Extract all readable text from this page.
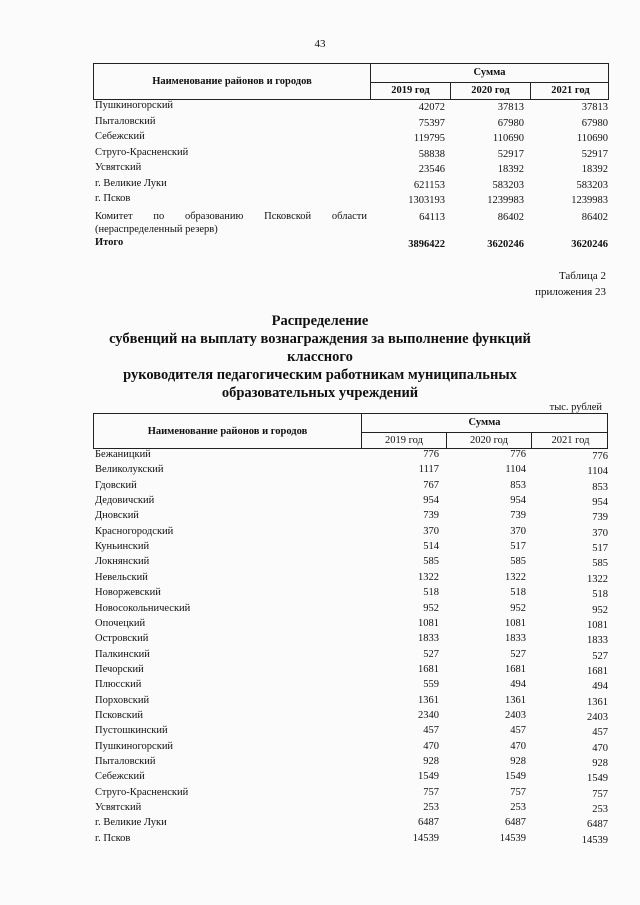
43
Наименование районов и городов
Сумма
2019 год	2020 год	2021 год
Пушкиногорский	42072	37813	37813
Пыталовский	75397	67980	67980
Себежский	119795	110690	110690
Струго-Красненский	58838	52917	52917
Усвятский	23546	18392	18392
г. Великие Луки	621153	583203	583203
г. Псков	1303193	1239983	1239983
Комитет по образованию Псковской области
(нераспределенный резерв)
64113	86402	86402
Итого	3896422	3620246	3620246
Таблица 2
приложения 23
Распределение
субвенций на выплату вознаграждения за выполнение функций классного
руководителя педагогическим работникам муниципальных
образовательных учреждений
тыс. рублей
Наименование районов и городов
Сумма
2019 год	2020 год	2021 год
Бежаницкий	776	776	776
Великолукский	1117	1104	1104
Гдовский	767	853	853
Дедовичский	954	954	954
Дновский	739	739	739
Красногородский	370	370	370
Куньинский	514	517	517
Локнянский	585	585	585
Невельский	1322	1322	1322
Новоржевский	518	518	518
Новосокольнический	952	952	952
Опочецкий	1081	1081	1081
Островский	1833	1833	1833
Палкинский	527	527	527
Печорский	1681	1681	1681
Плюсский	559	494	494
Порховский	1361	1361	1361
Псковский	2340	2403	2403
Пустошкинский	457	457	457
Пушкиногорский	470	470	470
Пыталовский	928	928	928
Себежский	1549	1549	1549
Струго-Красненский	757	757	757
Усвятский	253	253	253
г. Великие Луки	6487	6487	6487
г. Псков	14539	14539	14539
